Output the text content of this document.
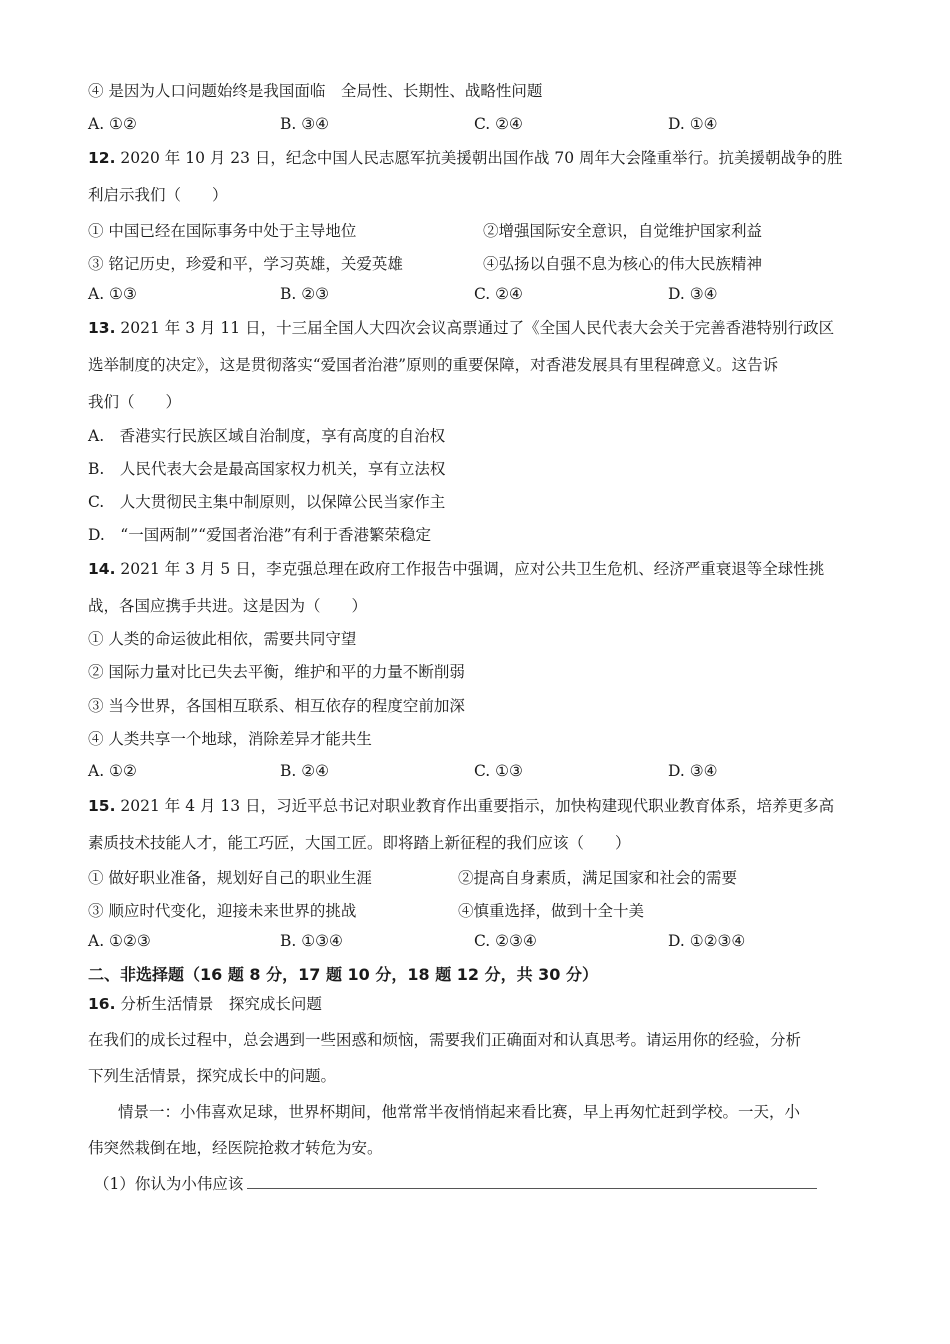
④ 是因为人口问题始终是我国面临　全局性、长期性、战略性问题
A. ①②	B. ③④	C. ②④	D. ①④
12. 2020 年 10 月 23 日，纪念中国人民志愿军抗美援朝出国作战 70 周年大会隆重举行。抗美援朝战争的胜
利启示我们（　　）
① 中国已经在国际事务中处于主导地位	②增强国际安全意识，自觉维护国家利益
③ 铭记历史，珍爱和平，学习英雄，关爱英雄	④弘扬以自强不息为核心的伟大民族精神
A. ①③	B. ②③	C. ②④	D. ③④
13. 2021 年 3 月 11 日，十三届全国人大四次会议高票通过了《全国人民代表大会关于完善香港特别行政区
选举制度的决定》，这是贯彻落实“爱国者治港”原则的重要保障，对香港发展具有里程碑意义。这告诉
我们（　　）
A.　香港实行民族区域自治制度，享有高度的自治权
B.　人民代表大会是最高国家权力机关，享有立法权
C.　人大贯彻民主集中制原则，以保障公民当家作主
D.　“一国两制”“爱国者治港”有利于香港繁荣稳定
14. 2021 年 3 月 5 日，李克强总理在政府工作报告中强调，应对公共卫生危机、经济严重衰退等全球性挑
战，各国应携手共进。这是因为（　　）
① 人类的命运彼此相依，需要共同守望
② 国际力量对比已失去平衡，维护和平的力量不断削弱
③ 当今世界，各国相互联系、相互依存的程度空前加深
④ 人类共享一个地球，消除差异才能共生
A. ①②	B. ②④	C. ①③	D. ③④
15. 2021 年 4 月 13 日，习近平总书记对职业教育作出重要指示，加快构建现代职业教育体系，培养更多高
素质技术技能人才，能工巧匠，大国工匠。即将踏上新征程的我们应该（　　）
① 做好职业准备，规划好自己的职业生涯	②提高自身素质，满足国家和社会的需要
③ 顺应时代变化，迎接未来世界的挑战	④慎重选择，做到十全十美
A. ①②③	B. ①③④	C. ②③④	D. ①②③④
二、非选择题（16 题 8 分，17 题 10 分，18 题 12 分，共 30 分）
16. 分析生活情景　探究成长问题
在我们的成长过程中，总会遇到一些困惑和烦恼，需要我们正确面对和认真思考。请运用你的经验，分析
下列生活情景，探究成长中的问题。
情景一：小伟喜欢足球，世界杯期间，他常常半夜悄悄起来看比赛，早上再匆忙赶到学校。一天，小
伟突然栽倒在地，经医院抢救才转危为安。
（1）你认为小伟应该
